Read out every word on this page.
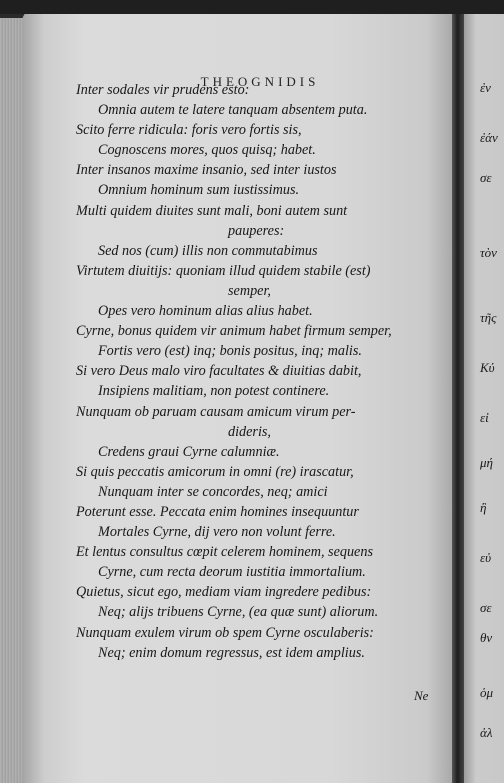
THEOGNIDIS

Inter sodales vir prudens esto:
Omnia autem te latere tanquam absentem puta.
Scito ferre ridicula: foris vero fortis sis,
Cognoscens mores, quos quisq; habet.
Inter insanos maxime insanio, sed inter iustos
Omnium hominum sum iustissimus.
Multi quidem diuites sunt mali, boni autem sunt
pauperes:
Sed nos (cum) illis non commutabimus
Virtutem diuitijs: quoniam illud quidem stabile (est)
semper,
Opes vero hominum alias alius habet.
Cyrne, bonus quidem vir animum habet firmum semper,
Fortis vero (est) inq; bonis positus, inq; malis.
Si vero Deus malo viro facultates & diuitias dabit,
Insipiens malitiam, non potest continere.
Nunquam ob paruam causam amicum virum per-
dideris,
Credens graui Cyrne calumniæ.
Si quis peccatis amicorum in omni (re) irascatur,
Nunquam inter se concordes, neq; amici
Poterunt esse. Peccata enim homines insequuntur
Mortales Cyrne, dij vero non volunt ferre.
Et lentus consultus cœpit celerem hominem, sequens
Cyrne, cum recta deorum iustitia immortalium.
Quietus, sicut ego, mediam viam ingredere pedibus:
Neq; alijs tribuens Cyrne, (ea quæ sunt) aliorum.
Nunquam exulem virum ob spem Cyrne osculaberis:
Neq; enim domum regressus, est idem amplius.
Ne
ἐν
ἐάν
σε
τὸν
τῆς
Κύ
εἰ
μή
ἢ
εὐ
σε
θν
ὁμ
ἀλ
